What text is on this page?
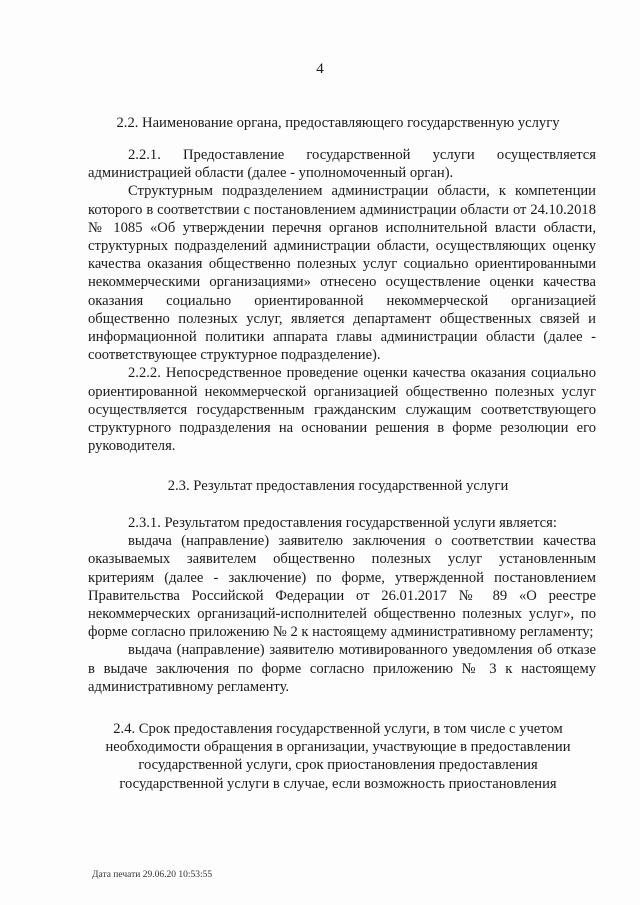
4
2.2. Наименование органа, предоставляющего государственную услугу

2.2.1. Предоставление государственной услуги осуществляется администрацией области (далее - уполномоченный орган).

Структурным подразделением администрации области, к компетенции которого в соответствии с постановлением администрации области от 24.10.2018 № 1085 «Об утверждении перечня органов исполнительной власти области, структурных подразделений администрации области, осуществляющих оценку качества оказания общественно полезных услуг социально ориентированными некоммерческими организациями» отнесено осуществление оценки качества оказания социально ориентированной некоммерческой организацией общественно полезных услуг, является департамент общественных связей и информационной политики аппарата главы администрации области (далее - соответствующее структурное подразделение).

2.2.2. Непосредственное проведение оценки качества оказания социально ориентированной некоммерческой организацией общественно полезных услуг осуществляется государственным гражданским служащим соответствующего структурного подразделения на основании решения в форме резолюции его руководителя.

2.3. Результат предоставления государственной услуги

2.3.1. Результатом предоставления государственной услуги является:

выдача (направление) заявителю заключения о соответствии качества оказываемых заявителем общественно полезных услуг установленным критериям (далее - заключение) по форме, утвержденной постановлением Правительства Российской Федерации от 26.01.2017 № 89 «О реестре некоммерческих организаций-исполнителей общественно полезных услуг», по форме согласно приложению № 2 к настоящему административному регламенту;

выдача (направление) заявителю мотивированного уведомления об отказе в выдаче заключения по форме согласно приложению № 3 к настоящему административному регламенту.

2.4. Срок предоставления государственной услуги, в том числе с учетом
необходимости обращения в организации, участвующие в предоставлении
государственной услуги, срок приостановления предоставления
государственной услуги в случае, если возможность приостановления
Дата печати 29.06.20 10:53:55
